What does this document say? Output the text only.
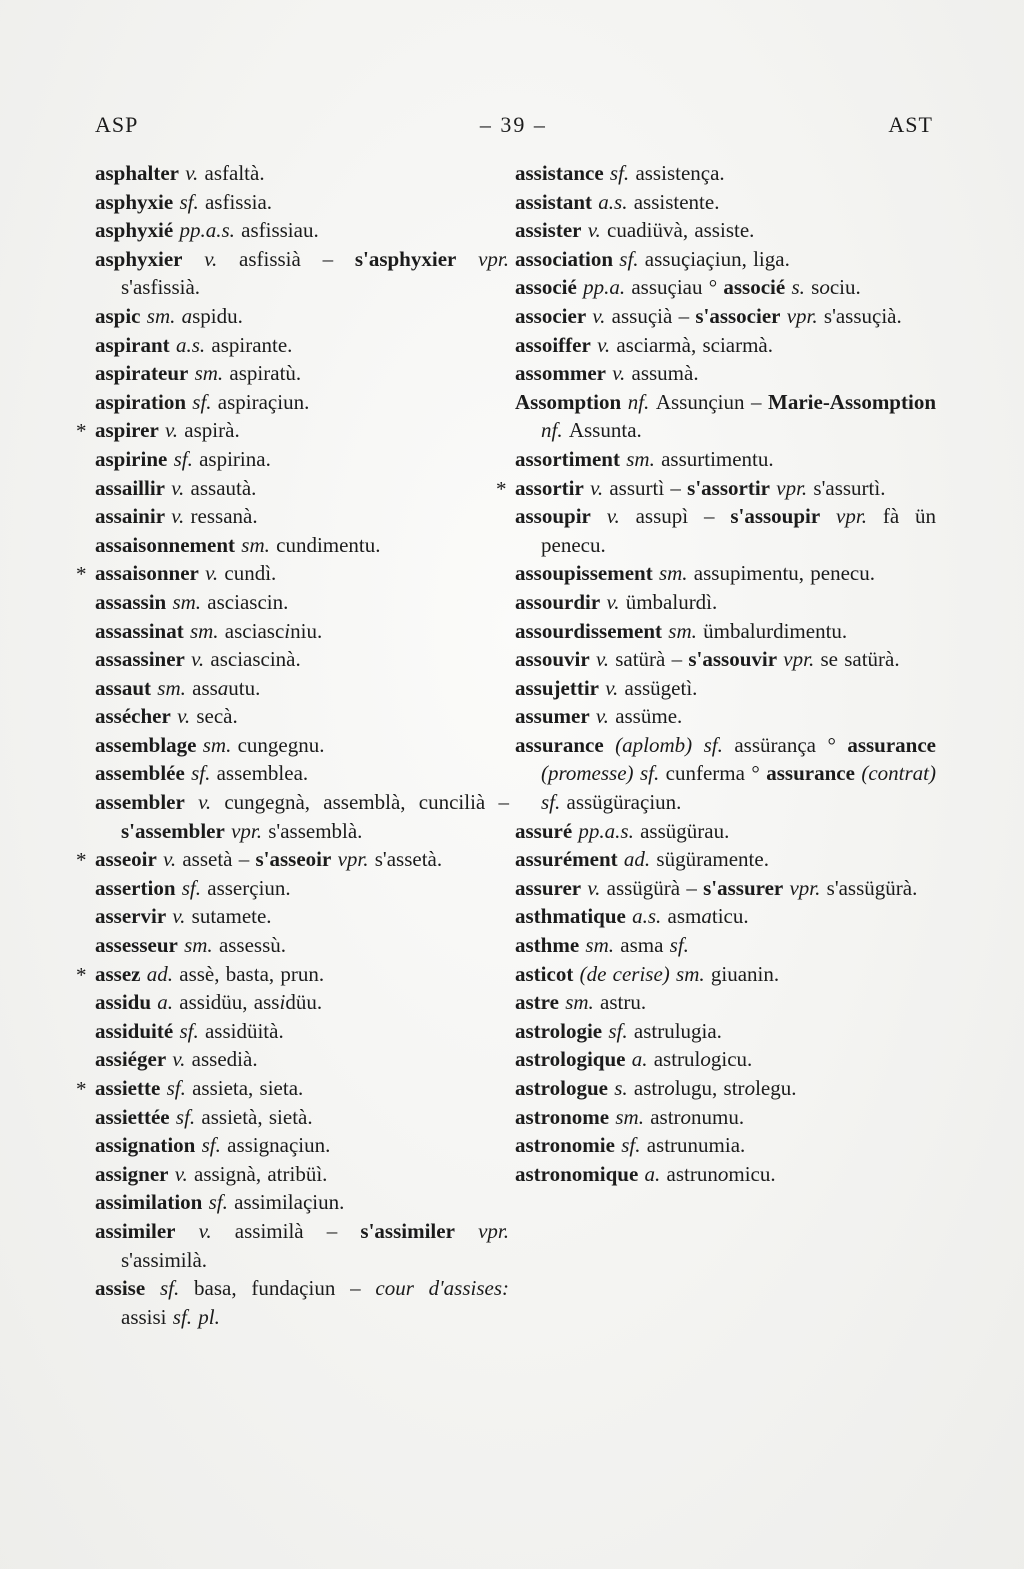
ASP	– 39 –	AST
asphalter v. asfaltà.
asphyxie sf. asfissia.
asphyxié pp.a.s. asfissiau.
asphyxier v. asfissià – s'asphyxier vpr. s'asfissià.
aspic sm. aspidu.
aspirant a.s. aspirante.
aspirateur sm. aspiratù.
aspiration sf. aspiraçiun.
* aspirer v. aspirà.
aspirine sf. aspirina.
assaillir v. assautà.
assainir v. ressanà.
assaisonnement sm. cundimentu.
* assaisonner v. cundì.
assassin sm. asciascin.
assassinat sm. asciasciniu.
assassiner v. asciascinà.
assaut sm. assautu.
assécher v. secà.
assemblage sm. cungegnu.
assemblée sf. assemblea.
assembler v. cungegnà, assemblà, cuncilià – s'assembler vpr. s'assemblà.
* asseoir v. assetà – s'asseoir vpr. s'assetà.
assertion sf. asserçiun.
asservir v. sutamete.
assesseur sm. assessù.
* assez ad. assè, basta, prun.
assidu a. assidüu, assidüu.
assiduité sf. assidüità.
assiéger v. assedià.
* assiette sf. assieta, sieta.
assiettée sf. assietà, sietà.
assignation sf. assignaçiun.
assigner v. assignà, atribüì.
assimilation sf. assimilaçiun.
assimiler v. assimilà – s'assimiler vpr. s'assimilà.
assise sf. basa, fundaçiun – cour d'assises: assisi sf. pl.
assistance sf. assistença.
assistant a.s. assistente.
assister v. cuadiüvà, assiste.
association sf. assuçiaçiun, liga.
associé pp.a. assuçiau ° associé s. sociu.
associer v. assuçià – s'associer vpr. s'assuçià.
assoiffer v. asciarmà, sciarmà.
assommer v. assumà.
Assomption nf. Assunçiun – Marie-Assomption nf. Assunta.
assortiment sm. assurtimentu.
* assortir v. assurtì – s'assortir vpr. s'assurtì.
assoupir v. assupì – s'assoupir vpr. fà ün penecu.
assoupissement sm. assupimentu, penecu.
assourdir v. ümbalurdì.
assourdissement sm. ümbalurdimentu.
assouvir v. satürà – s'assouvir vpr. se satürà.
assujettir v. assügetì.
assumer v. assüme.
assurance (aplomb) sf. assürança ° assurance (promesse) sf. cunferma ° assurance (contrat) sf. assügüraçiun.
assuré pp.a.s. assügürau.
assurément ad. sügüramente.
assurer v. assügürà – s'assurer vpr. s'assügürà.
asthmatique a.s. asmaticu.
asthme sm. asma sf.
asticot (de cerise) sm. giuanin.
astre sm. astru.
astrologie sf. astrulugia.
astrologique a. astrulogicu.
astrologue s. astrolugu, strolegu.
astronome sm. astronumu.
astronomie sf. astrunumia.
astronomique a. astrunomicu.
